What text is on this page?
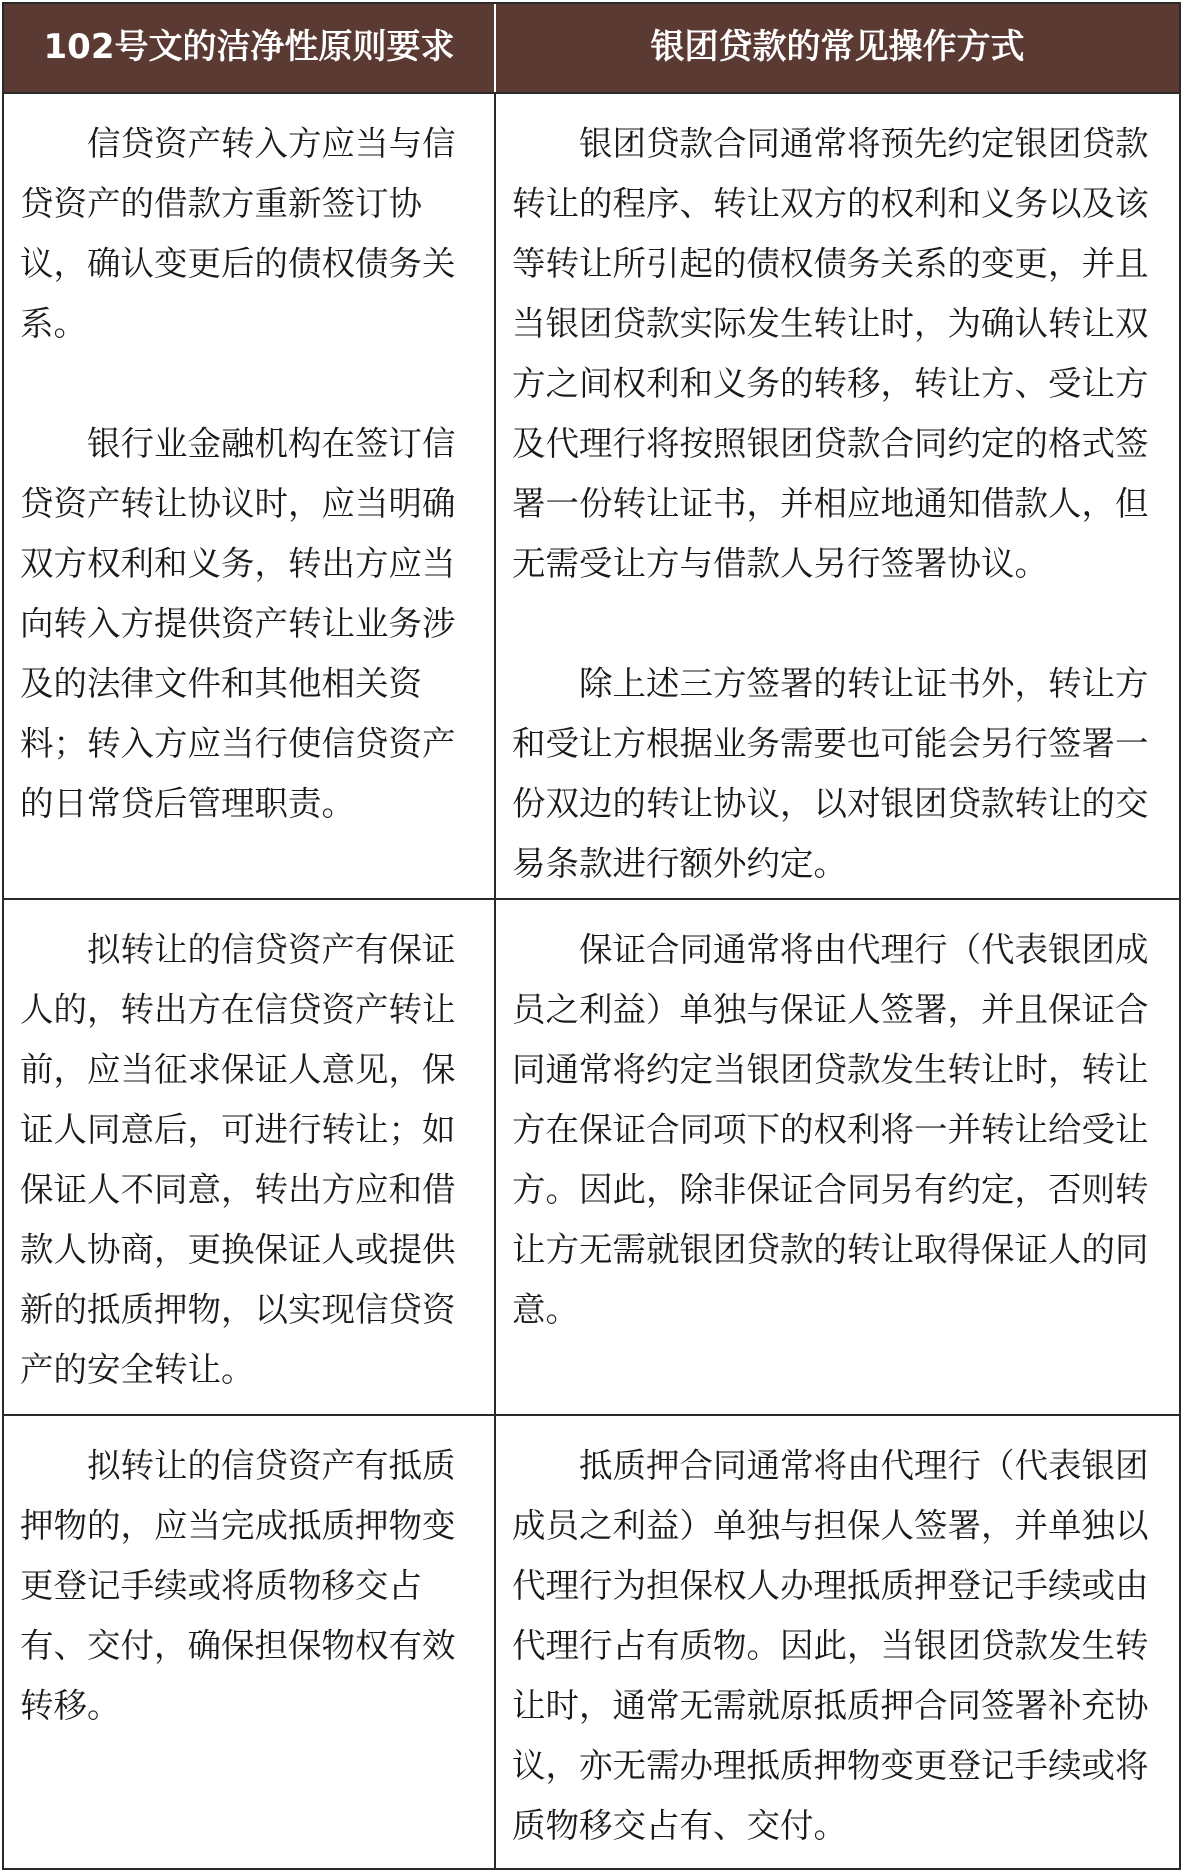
102号文的洁净性原则要求	银团贷款的常见操作方式
　　信贷资产转入方应当与信贷资产的借款方重新签订协议，确认变更后的债权债务关系。

　　银行业金融机构在签订信贷资产转让协议时，应当明确双方权利和义务，转出方应当向转入方提供资产转让业务涉及的法律文件和其他相关资料；转入方应当行使信贷资产的日常贷后管理职责。
　　银团贷款合同通常将预先约定银团贷款转让的程序、转让双方的权利和义务以及该等转让所引起的债权债务关系的变更，并且当银团贷款实际发生转让时，为确认转让双方之间权利和义务的转移，转让方、受让方及代理行将按照银团贷款合同约定的格式签署一份转让证书，并相应地通知借款人，但无需受让方与借款人另行签署协议。

　　除上述三方签署的转让证书外，转让方和受让方根据业务需要也可能会另行签署一份双边的转让协议，以对银团贷款转让的交易条款进行额外约定。
　　拟转让的信贷资产有保证人的，转出方在信贷资产转让前，应当征求保证人意见，保证人同意后，可进行转让；如保证人不同意，转出方应和借款人协商，更换保证人或提供新的抵质押物，以实现信贷资产的安全转让。
　　保证合同通常将由代理行（代表银团成员之利益）单独与保证人签署，并且保证合同通常将约定当银团贷款发生转让时，转让方在保证合同项下的权利将一并转让给受让方。因此，除非保证合同另有约定，否则转让方无需就银团贷款的转让取得保证人的同意。
　　拟转让的信贷资产有抵质押物的，应当完成抵质押物变更登记手续或将质物移交占有、交付，确保担保物权有效转移。
　　抵质押合同通常将由代理行（代表银团成员之利益）单独与担保人签署，并单独以代理行为担保权人办理抵质押登记手续或由代理行占有质物。因此，当银团贷款发生转让时，通常无需就原抵质押合同签署补充协议，亦无需办理抵质押物变更登记手续或将质物移交占有、交付。
